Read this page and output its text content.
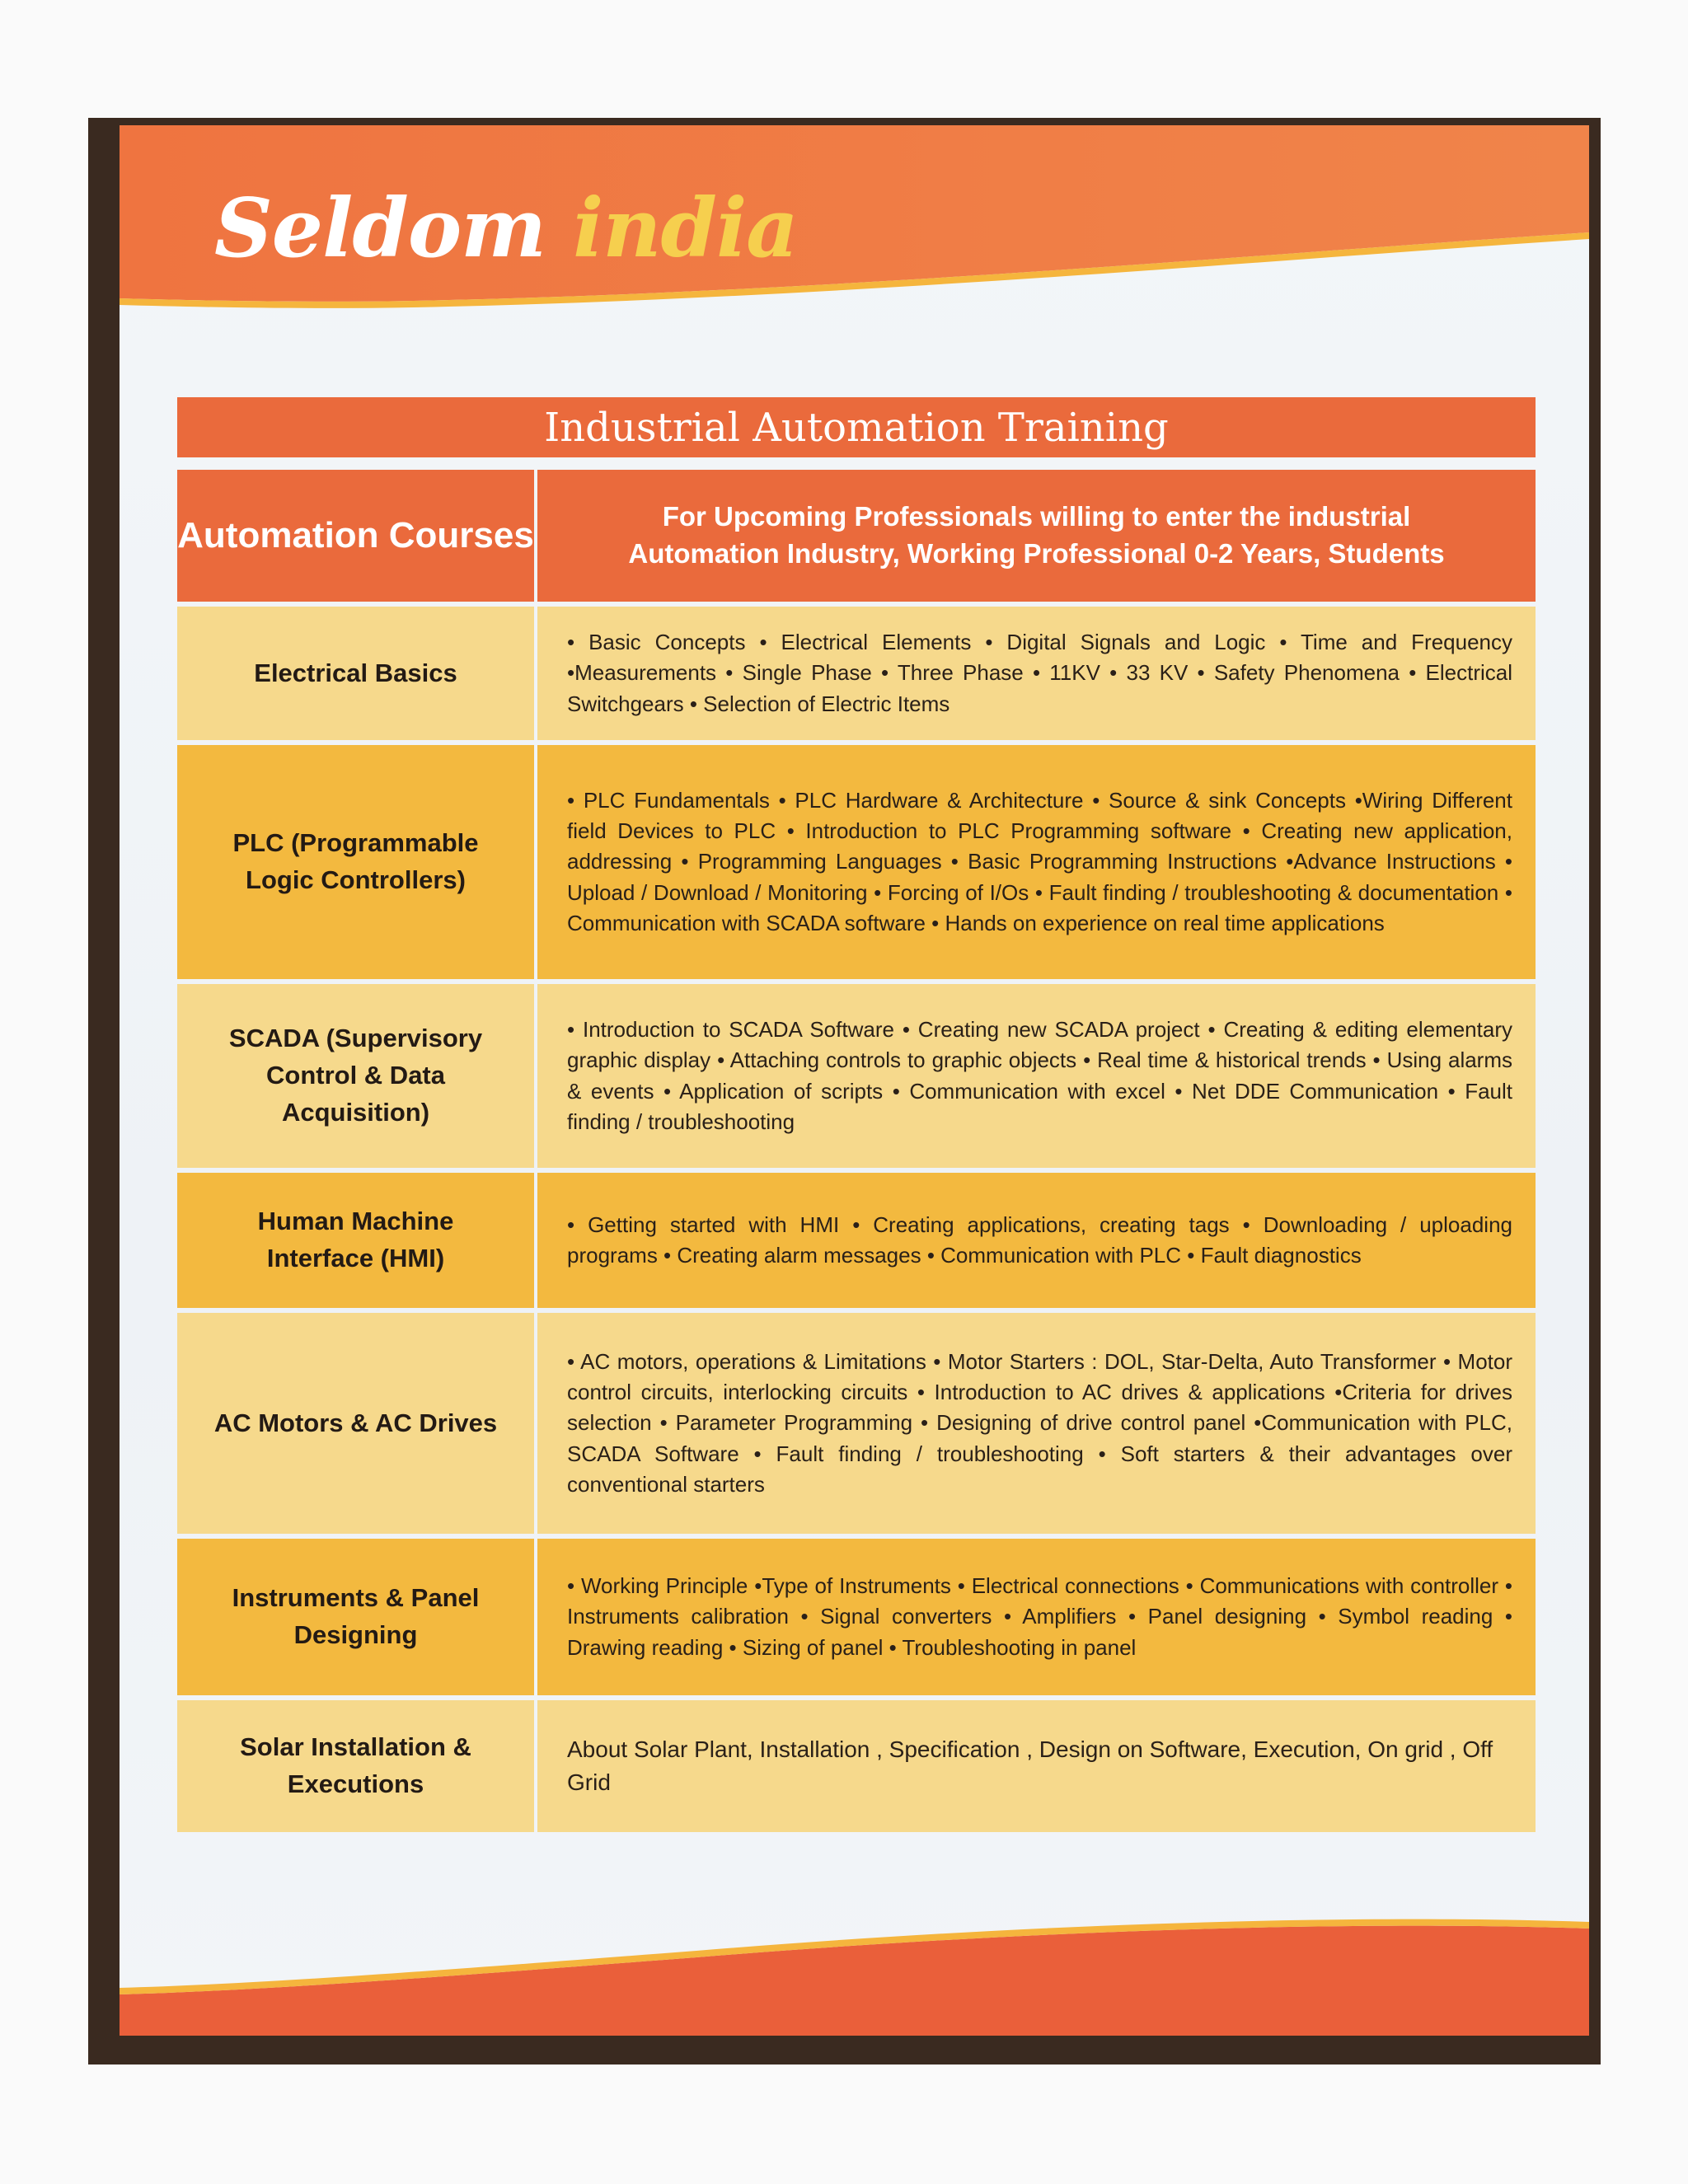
Seldom india
Industrial Automation Training
Automation Courses	For Upcoming Professionals willing to enter the industrial Automation Industry, Working Professional 0-2 Years, Students
Electrical Basics
• Basic Concepts • Electrical Elements • Digital Signals and Logic • Time and Frequency •Measurements • Single Phase • Three Phase • 11KV • 33 KV • Safety Phenomena • Electrical Switchgears • Selection of Electric Items
PLC (Programmable Logic Controllers)
• PLC Fundamentals • PLC Hardware & Architecture • Source & sink Concepts •Wiring Different field Devices to PLC • Introduction to PLC Programming software • Creating new application, addressing • Programming Languages • Basic Programming Instructions •Advance Instructions • Upload / Download / Monitoring • Forcing of I/Os • Fault finding / troubleshooting & documentation • Communication with SCADA software • Hands on experience on real time applications
SCADA (Supervisory Control & Data Acquisition)
• Introduction to SCADA Software • Creating new SCADA project • Creating & editing elementary graphic display • Attaching controls to graphic objects • Real time & historical trends • Using alarms & events • Application of scripts • Communication with excel • Net DDE Communication • Fault finding / troubleshooting
Human Machine Interface (HMI)
• Getting started with HMI • Creating applications, creating tags • Downloading / uploading programs • Creating alarm messages • Communication with PLC • Fault diagnostics
AC Motors & AC Drives
• AC motors, operations & Limitations • Motor Starters : DOL, Star-Delta, Auto Transformer • Motor control circuits, interlocking circuits • Introduction to AC drives & applications •Criteria for drives selection • Parameter Programming • Designing of drive control panel •Communication with PLC, SCADA Software • Fault finding / troubleshooting • Soft starters & their advantages over conventional starters
Instruments & Panel Designing
• Working Principle •Type of Instruments • Electrical connections • Communications with controller • Instruments calibration • Signal converters • Amplifiers • Panel designing • Symbol reading • Drawing reading • Sizing of panel • Troubleshooting in panel
Solar Installation & Executions
About Solar Plant, Installation , Specification , Design on Software, Execution, On grid , Off Grid
